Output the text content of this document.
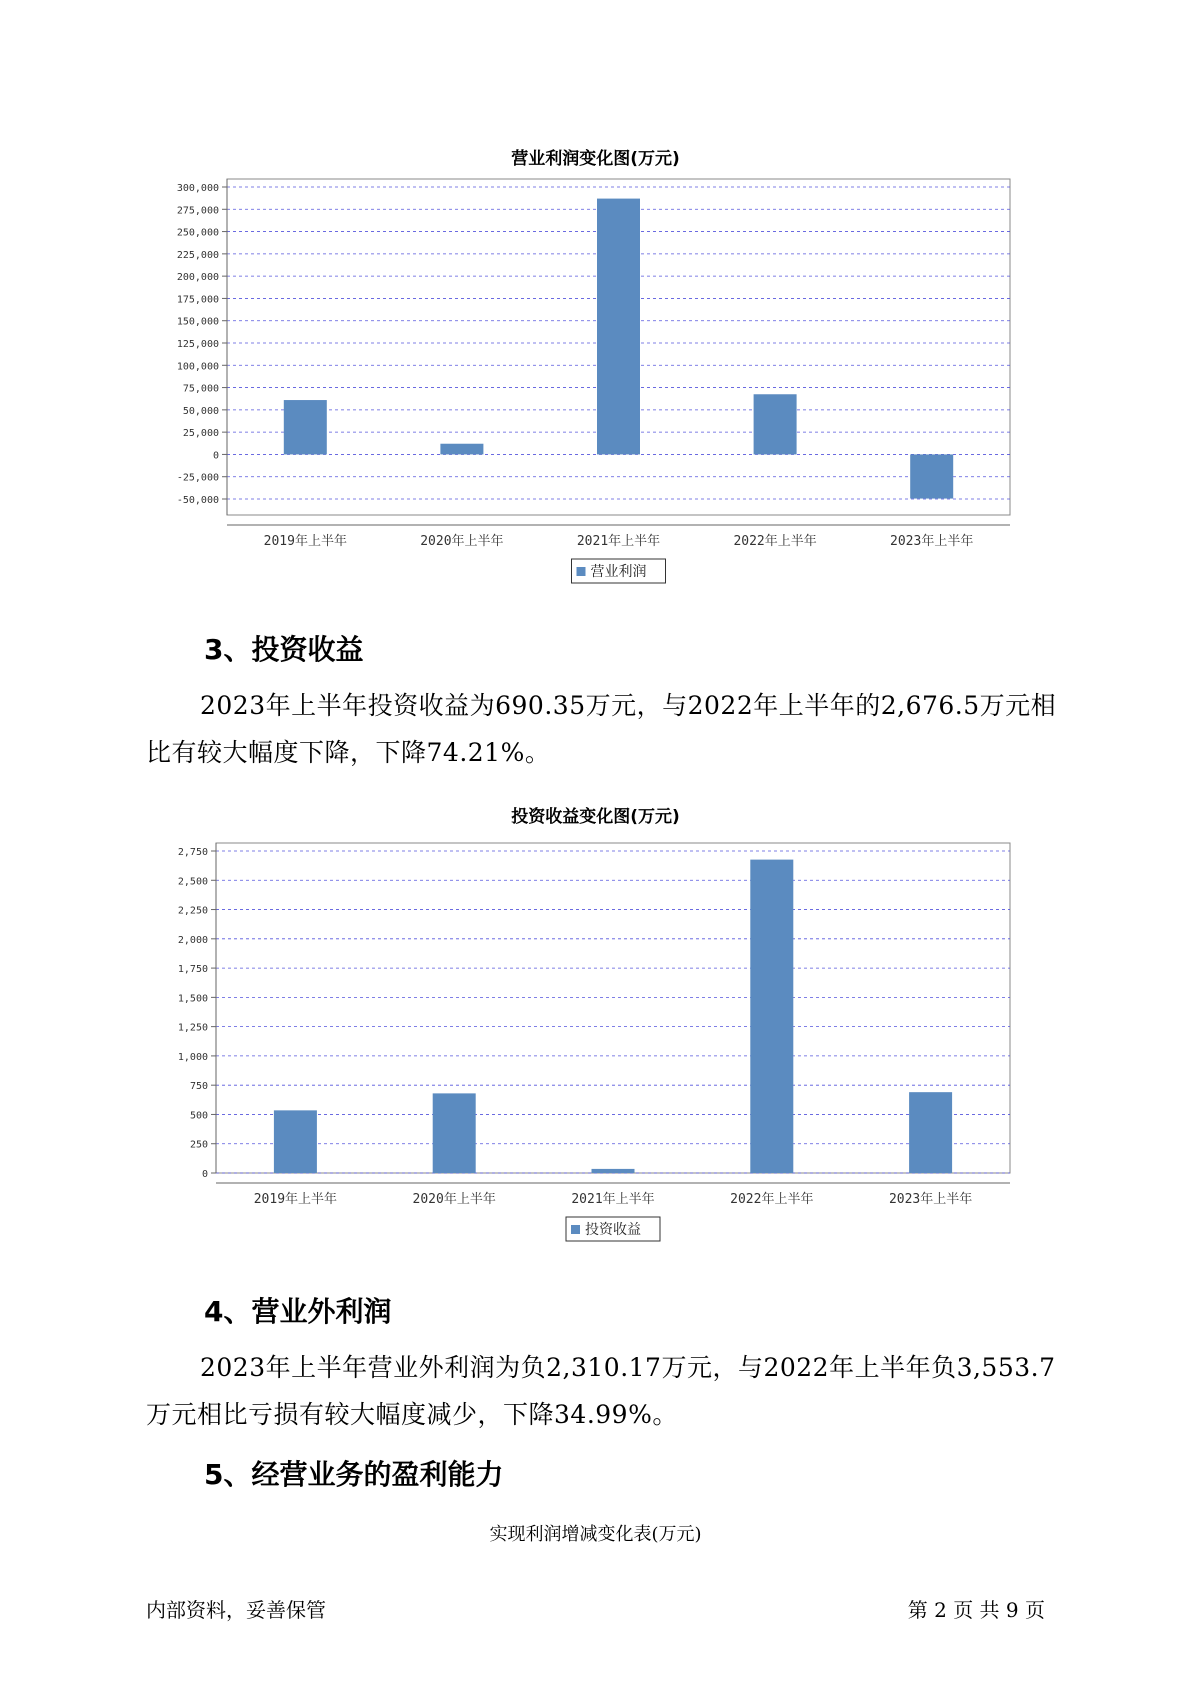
营业利润变化图(万元)
300,000
275,000
250,000
225,000
200,000
175,000
150,000
125,000
100,000
75,000
50,000
25,000
0
-25,000
-50,000
2019年上半年	2020年上半年	2021年上半年	2022年上半年	2023年上半年
营业利润
3、投资收益

2023年上半年投资收益为690.35万元，与2022年上半年的2,676.5万元相比有较大幅度下降，下降74.21%。

投资收益变化图(万元)
2,750
2,500
2,250
2,000
1,750
1,500
1,250
1,000
750
500
250
0
2019年上半年	2020年上半年	2021年上半年	2022年上半年	2023年上半年
投资收益
4、营业外利润

2023年上半年营业外利润为负2,310.17万元，与2022年上半年负3,553.7万元相比亏损有较大幅度减少，下降34.99%。

5、经营业务的盈利能力
实现利润增减变化表(万元)
内部资料，妥善保管	第 2 页 共 9 页
